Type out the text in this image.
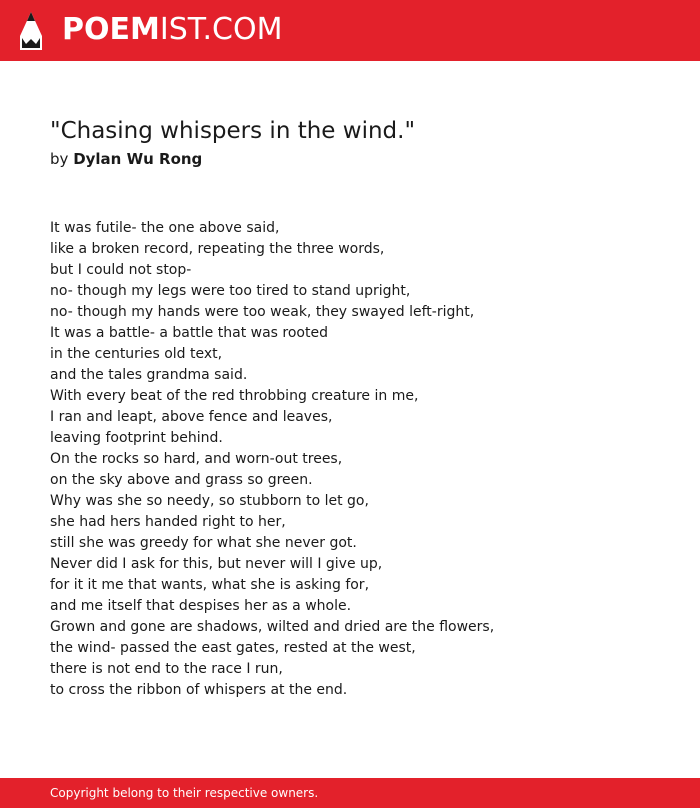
POEMIST.COM
"Chasing whispers in the wind."
by Dylan Wu Rong
It was futile- the one above said,
like a broken record, repeating the three words,
but I could not stop-
no- though my legs were too tired to stand upright,
no- though my hands were too weak, they swayed left-right,
It was a battle- a battle that was rooted
in the centuries old text,
and the tales grandma said.
With every beat of the red throbbing creature in me,
I ran and leapt, above fence and leaves,
leaving footprint behind.
On the rocks so hard, and worn-out trees,
on the sky above and grass so green.
Why was she so needy, so stubborn to let go,
she had hers handed right to her,
still she was greedy for what she never got.
Never did I ask for this, but never will I give up,
for it it me that wants, what she is asking for,
and me itself that despises her as a whole.
Grown and gone are shadows, wilted and dried are the flowers,
the wind- passed the east gates, rested at the west,
there is not end to the race I run,
to cross the ribbon of whispers at the end.
Copyright belong to their respective owners.
